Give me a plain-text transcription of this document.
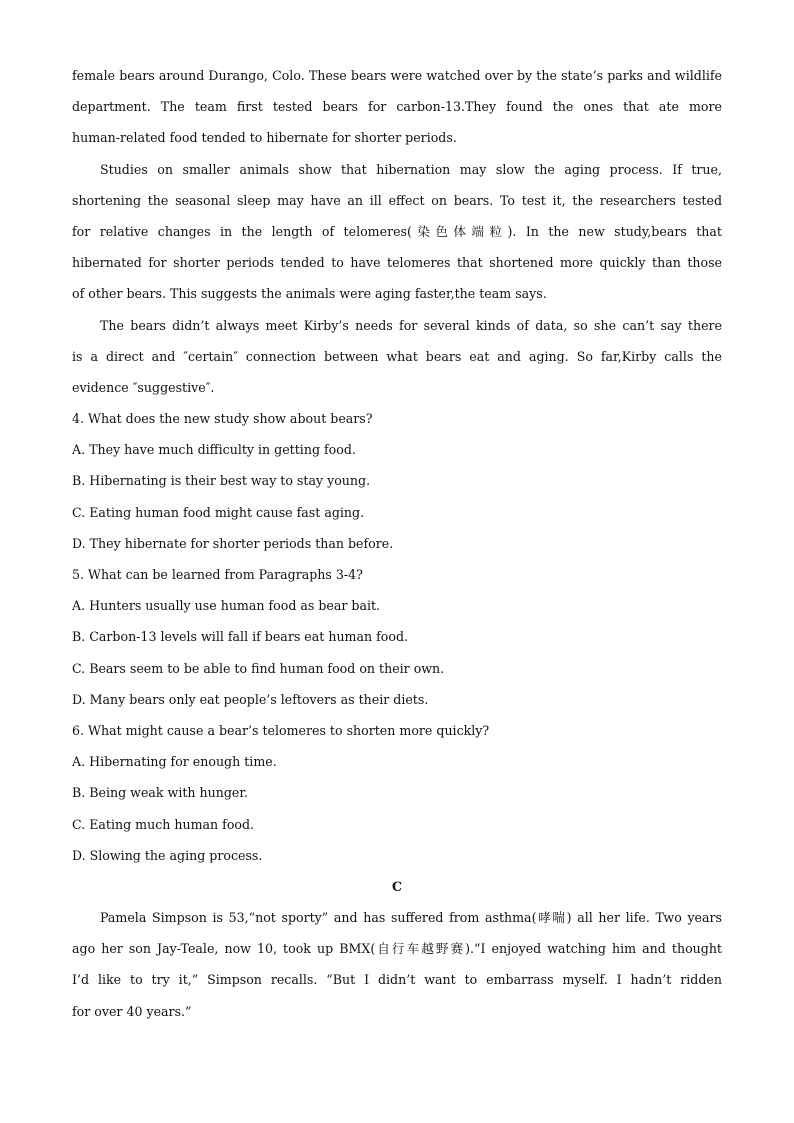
female bears around Durango, Colo. These bears were watched over by the state’s parks and wildlife
department. The team first tested bears for carbon-13.They found the ones that ate more
human-related food tended to hibernate for shorter periods.
Studies on smaller animals show that hibernation may slow the aging process. If true,
shortening the seasonal sleep may have an ill effect on bears. To test it, the researchers tested
for relative changes in the length of telomeres(染色体端粒). In the new study,bears that
hibernated for shorter periods tended to have telomeres that shortened more quickly than those
of other bears. This suggests the animals were aging faster,the team says.
The bears didn’t always meet Kirby’s needs for several kinds of data, so she can’t say there
is a direct and ″certain″ connection between what bears eat and aging. So far,Kirby calls the
evidence ″suggestive″.
4. What does the new study show about bears?
A. They have much difficulty in getting food.
B. Hibernating is their best way to stay young.
C. Eating human food might cause fast aging.
D. They hibernate for shorter periods than before.
5. What can be learned from Paragraphs 3-4?
A. Hunters usually use human food as bear bait.
B. Carbon-13 levels will fall if bears eat human food.
C. Bears seem to be able to find human food on their own.
D. Many bears only eat people’s leftovers as their diets.
6. What might cause a bear’s telomeres to shorten more quickly?
A. Hibernating for enough time.
B. Being weak with hunger.
C. Eating much human food.
D. Slowing the aging process.
C
Pamela Simpson is 53,“not sporty” and has suffered from asthma(哮喘) all her life. Two years
ago her son Jay-Teale, now 10, took up BMX(自行车越野赛).“I enjoyed watching him and thought
I’d like to try it,” Simpson recalls. “But I didn’t want to embarrass myself. I hadn’t ridden
for over 40 years.”
